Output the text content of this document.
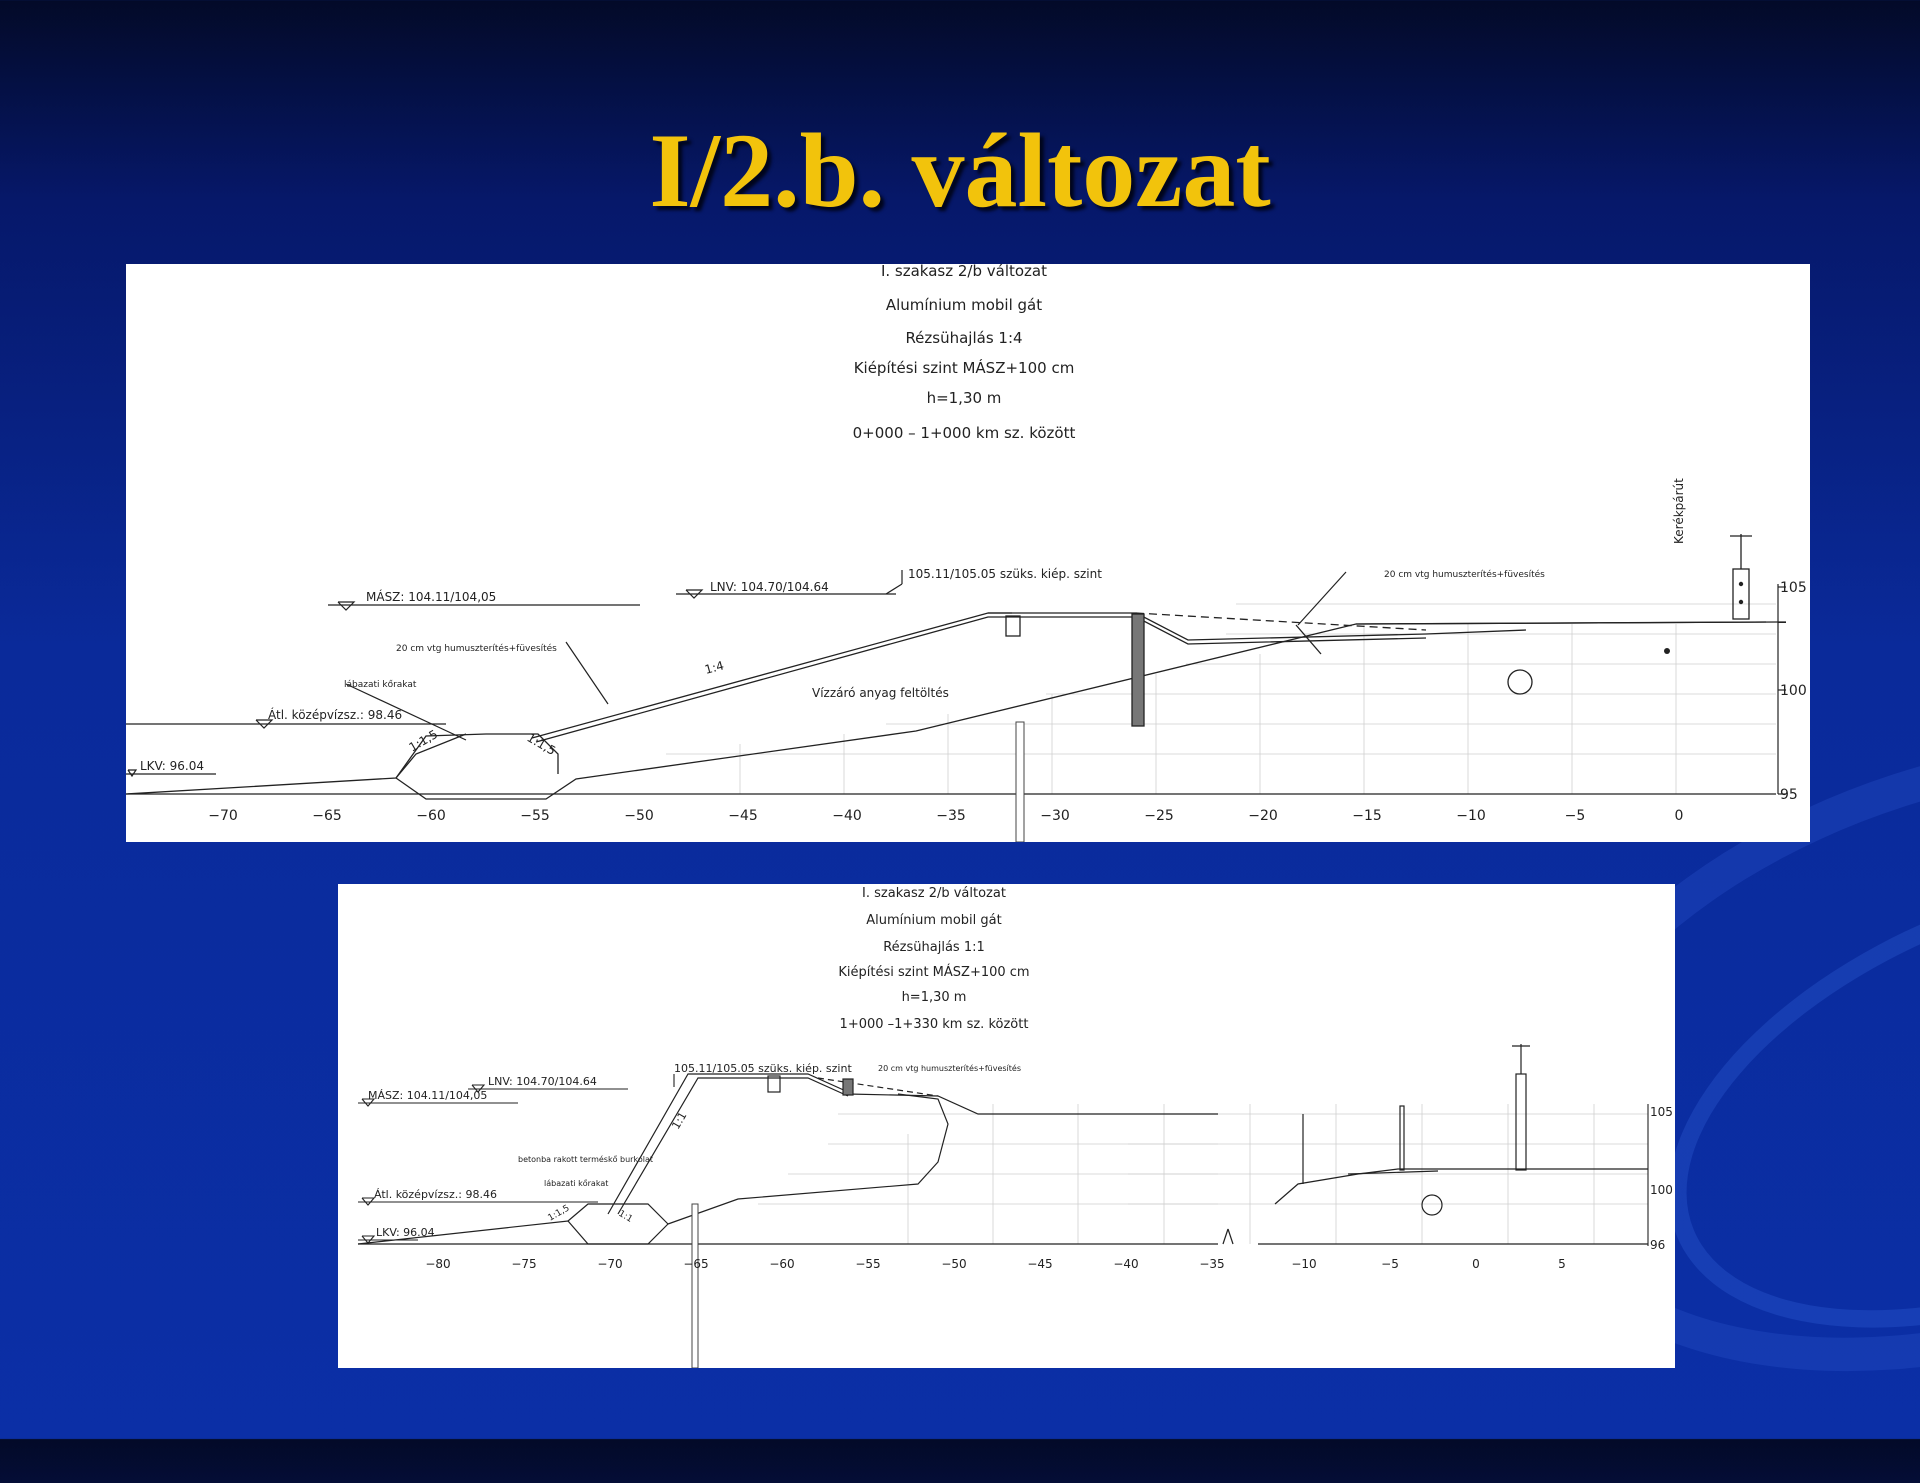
I/2.b. változat
I. szakasz 2/b változat
Alumínium mobil gát
Rézsühajlás 1:4
Kiépítési szint MÁSZ+100 cm
h=1,30 m
0+000 – 1+000 km sz. között
MÁSZ: 104.11/104,05
LNV: 104.70/104.64
105.11/105.05 szüks. kiép. szint	20 cm vtg humuszterítés+füvesítés
20 cm vtg humuszterítés+füvesítés
lábazati kőrakat
Átl. középvízsz.: 98.46
LKV: 96.04
1:4
1:1,5	1:1,5
Vízzáró anyag feltöltés
Kerékpárút
105
100
95
−70	−65	−60	−55	−50	−45	−40	−35	−30	−25	−20	−15	−10	−5	0
I. szakasz 2/b változat
Alumínium mobil gát
Rézsühajlás 1:1
Kiépítési szint MÁSZ+100 cm
h=1,30 m
1+000 –1+330 km sz. között
MÁSZ: 104.11/104,05
LNV: 104.70/104.64
105.11/105.05 szüks. kiép. szint	20 cm vtg humuszterítés+füvesítés
betonba rakott terméskő burkolat
lábazati kőrakat
Átl. középvízsz.: 98.46
LKV: 96.04
1:1
1:1,5	1:1
105
100
96
−80	−75	−70	−65	−60	−55	−50	−45	−40	−35	−10	−5	0	5
